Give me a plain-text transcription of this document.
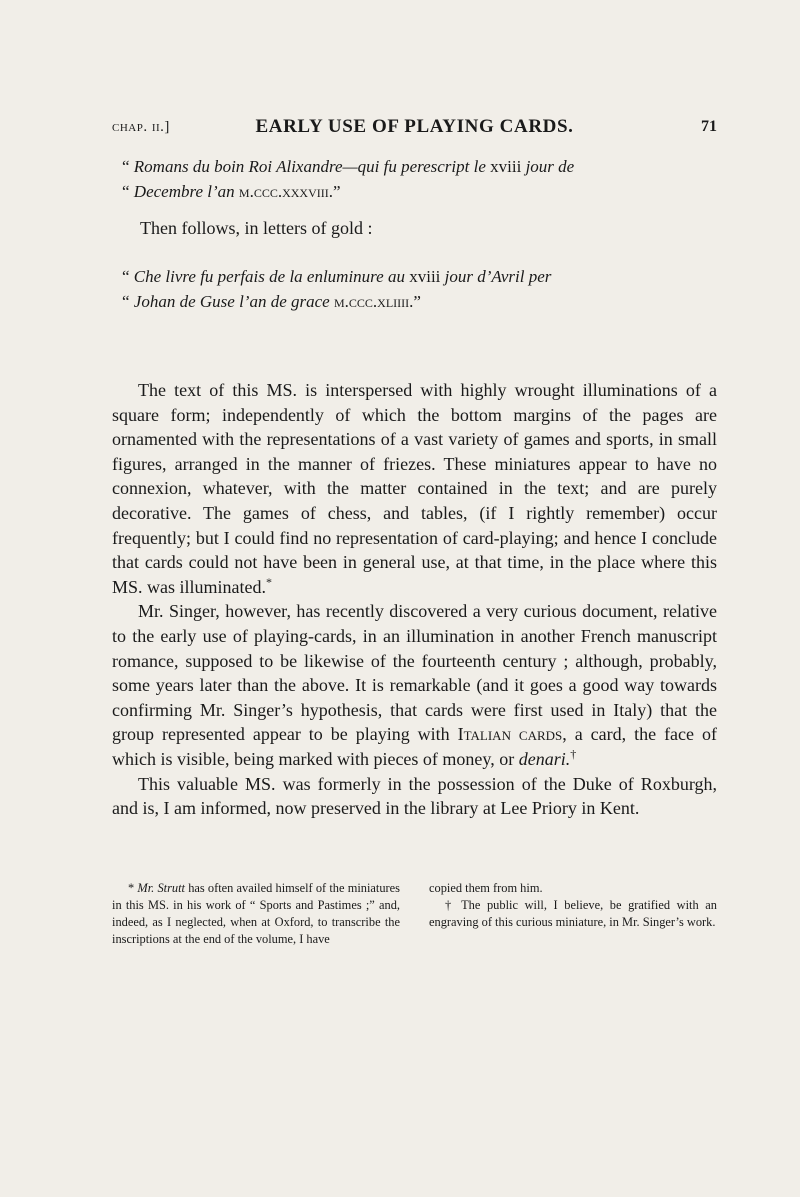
chap. ii.]	EARLY USE OF PLAYING CARDS.	71
“ Romans du boin Roi Alixandre—qui fu perescript le xviii jour de
“ Decembre l’an m.ccc.xxxviii.”
Then follows, in letters of gold :
“ Che livre fu perfais de la enluminure au xviii jour d’Avril per
“ Johan de Guse l’an de grace m.ccc.xliiii.”

The text of this MS. is interspersed with highly wrought illuminations of a square form; independently of which the bottom margins of the pages are ornamented with the representations of a vast variety of games and sports, in small figures, arranged in the manner of friezes. These miniatures appear to have no connexion, whatever, with the matter contained in the text; and are purely decorative. The games of chess, and tables, (if I rightly remember) occur frequently; but I could find no representation of card-playing; and hence I conclude that cards could not have been in general use, at that time, in the place where this MS. was illuminated.*

Mr. Singer, however, has recently discovered a very curious document, relative to the early use of playing-cards, in an illumination in another French manuscript romance, supposed to be likewise of the fourteenth century ; although, probably, some years later than the above. It is remarkable (and it goes a good way towards confirming Mr. Singer’s hypothesis, that cards were first used in Italy) that the group represented appear to be playing with Italian cards, a card, the face of which is visible, being marked with pieces of money, or denari.†

This valuable MS. was formerly in the possession of the Duke of Roxburgh, and is, I am informed, now preserved in the library at Lee Priory in Kent.

* Mr. Strutt has often availed himself of the miniatures in this MS. in his work of “ Sports and Pastimes ;” and, indeed, as I neglected, when at Oxford, to transcribe the inscriptions at the end of the volume, I have

copied them from him.

† The public will, I believe, be gratified with an engraving of this curious miniature, in Mr. Singer’s work.
